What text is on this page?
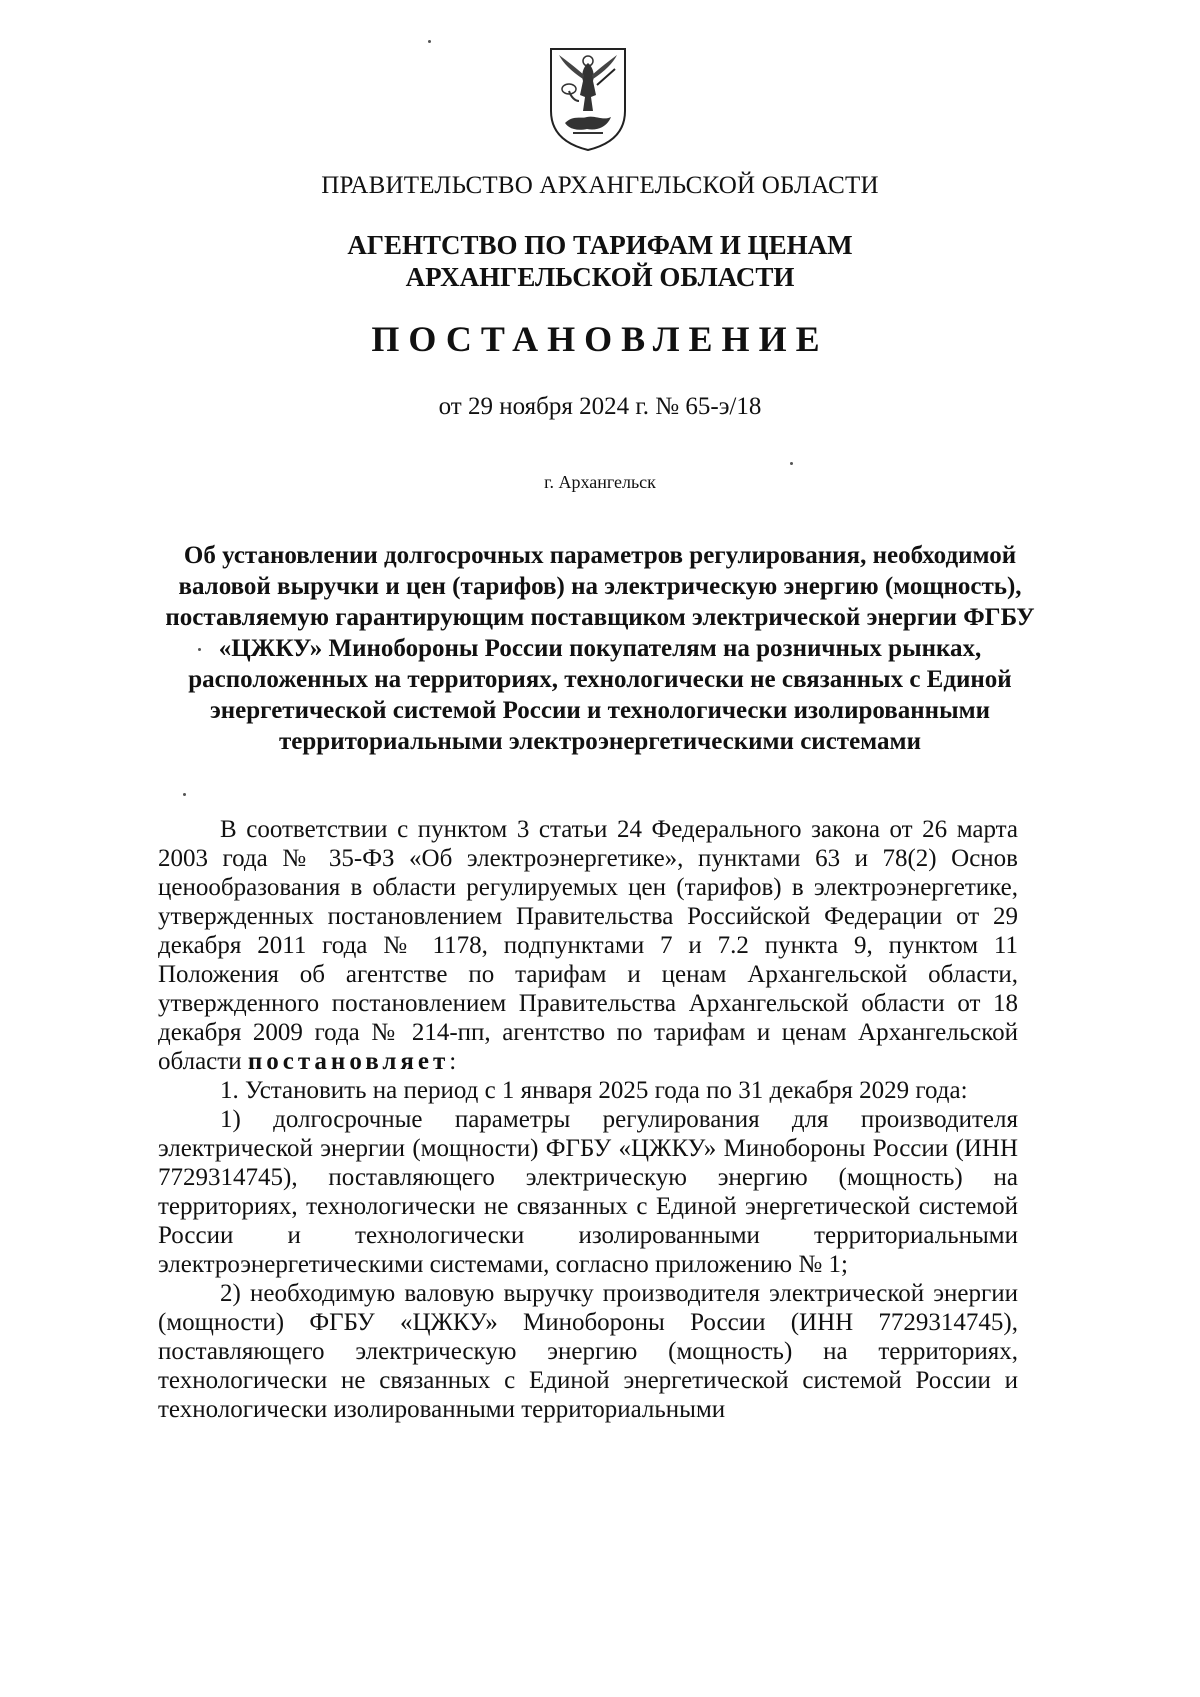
ПРАВИТЕЛЬСТВО АРХАНГЕЛЬСКОЙ ОБЛАСТИ
АГЕНТСТВО ПО ТАРИФАМ И ЦЕНАМ
АРХАНГЕЛЬСКОЙ ОБЛАСТИ
ПОСТАНОВЛЕНИЕ
от 29 ноября 2024 г. № 65-э/18
г. Архангельск
Об установлении долгосрочных параметров регулирования, необходимой валовой выручки и цен (тарифов) на электрическую энергию (мощность), поставляемую гарантирующим поставщиком электрической энергии ФГБУ «ЦЖКУ» Минобороны России покупателям на розничных рынках, расположенных на территориях, технологически не связанных с Единой энергетической системой России и технологически изолированными территориальными электроэнергетическими системами

В соответствии с пунктом 3 статьи 24 Федерального закона от 26 марта 2003 года № 35-ФЗ «Об электроэнергетике», пунктами 63 и 78(2) Основ ценообразования в области регулируемых цен (тарифов) в электроэнергетике, утвержденных постановлением Правительства Российской Федерации от 29 декабря 2011 года № 1178, подпунктами 7 и 7.2 пункта 9, пунктом 11 Положения об агентстве по тарифам и ценам Архангельской области, утвержденного постановлением Правительства Архангельской области от 18 декабря 2009 года № 214-пп, агентство по тарифам и ценам Архангельской области постановляет:

1. Установить на период с 1 января 2025 года по 31 декабря 2029 года:

1) долгосрочные параметры регулирования для производителя электрической энергии (мощности) ФГБУ «ЦЖКУ» Минобороны России (ИНН 7729314745), поставляющего электрическую энергию (мощность) на территориях, технологически не связанных с Единой энергетической системой России и технологически изолированными территориальными электроэнергетическими системами, согласно приложению № 1;

2) необходимую валовую выручку производителя электрической энергии (мощности) ФГБУ «ЦЖКУ» Минобороны России (ИНН 7729314745), поставляющего электрическую энергию (мощность) на территориях, технологически не связанных с Единой энергетической системой России и технологически изолированными территориальными
